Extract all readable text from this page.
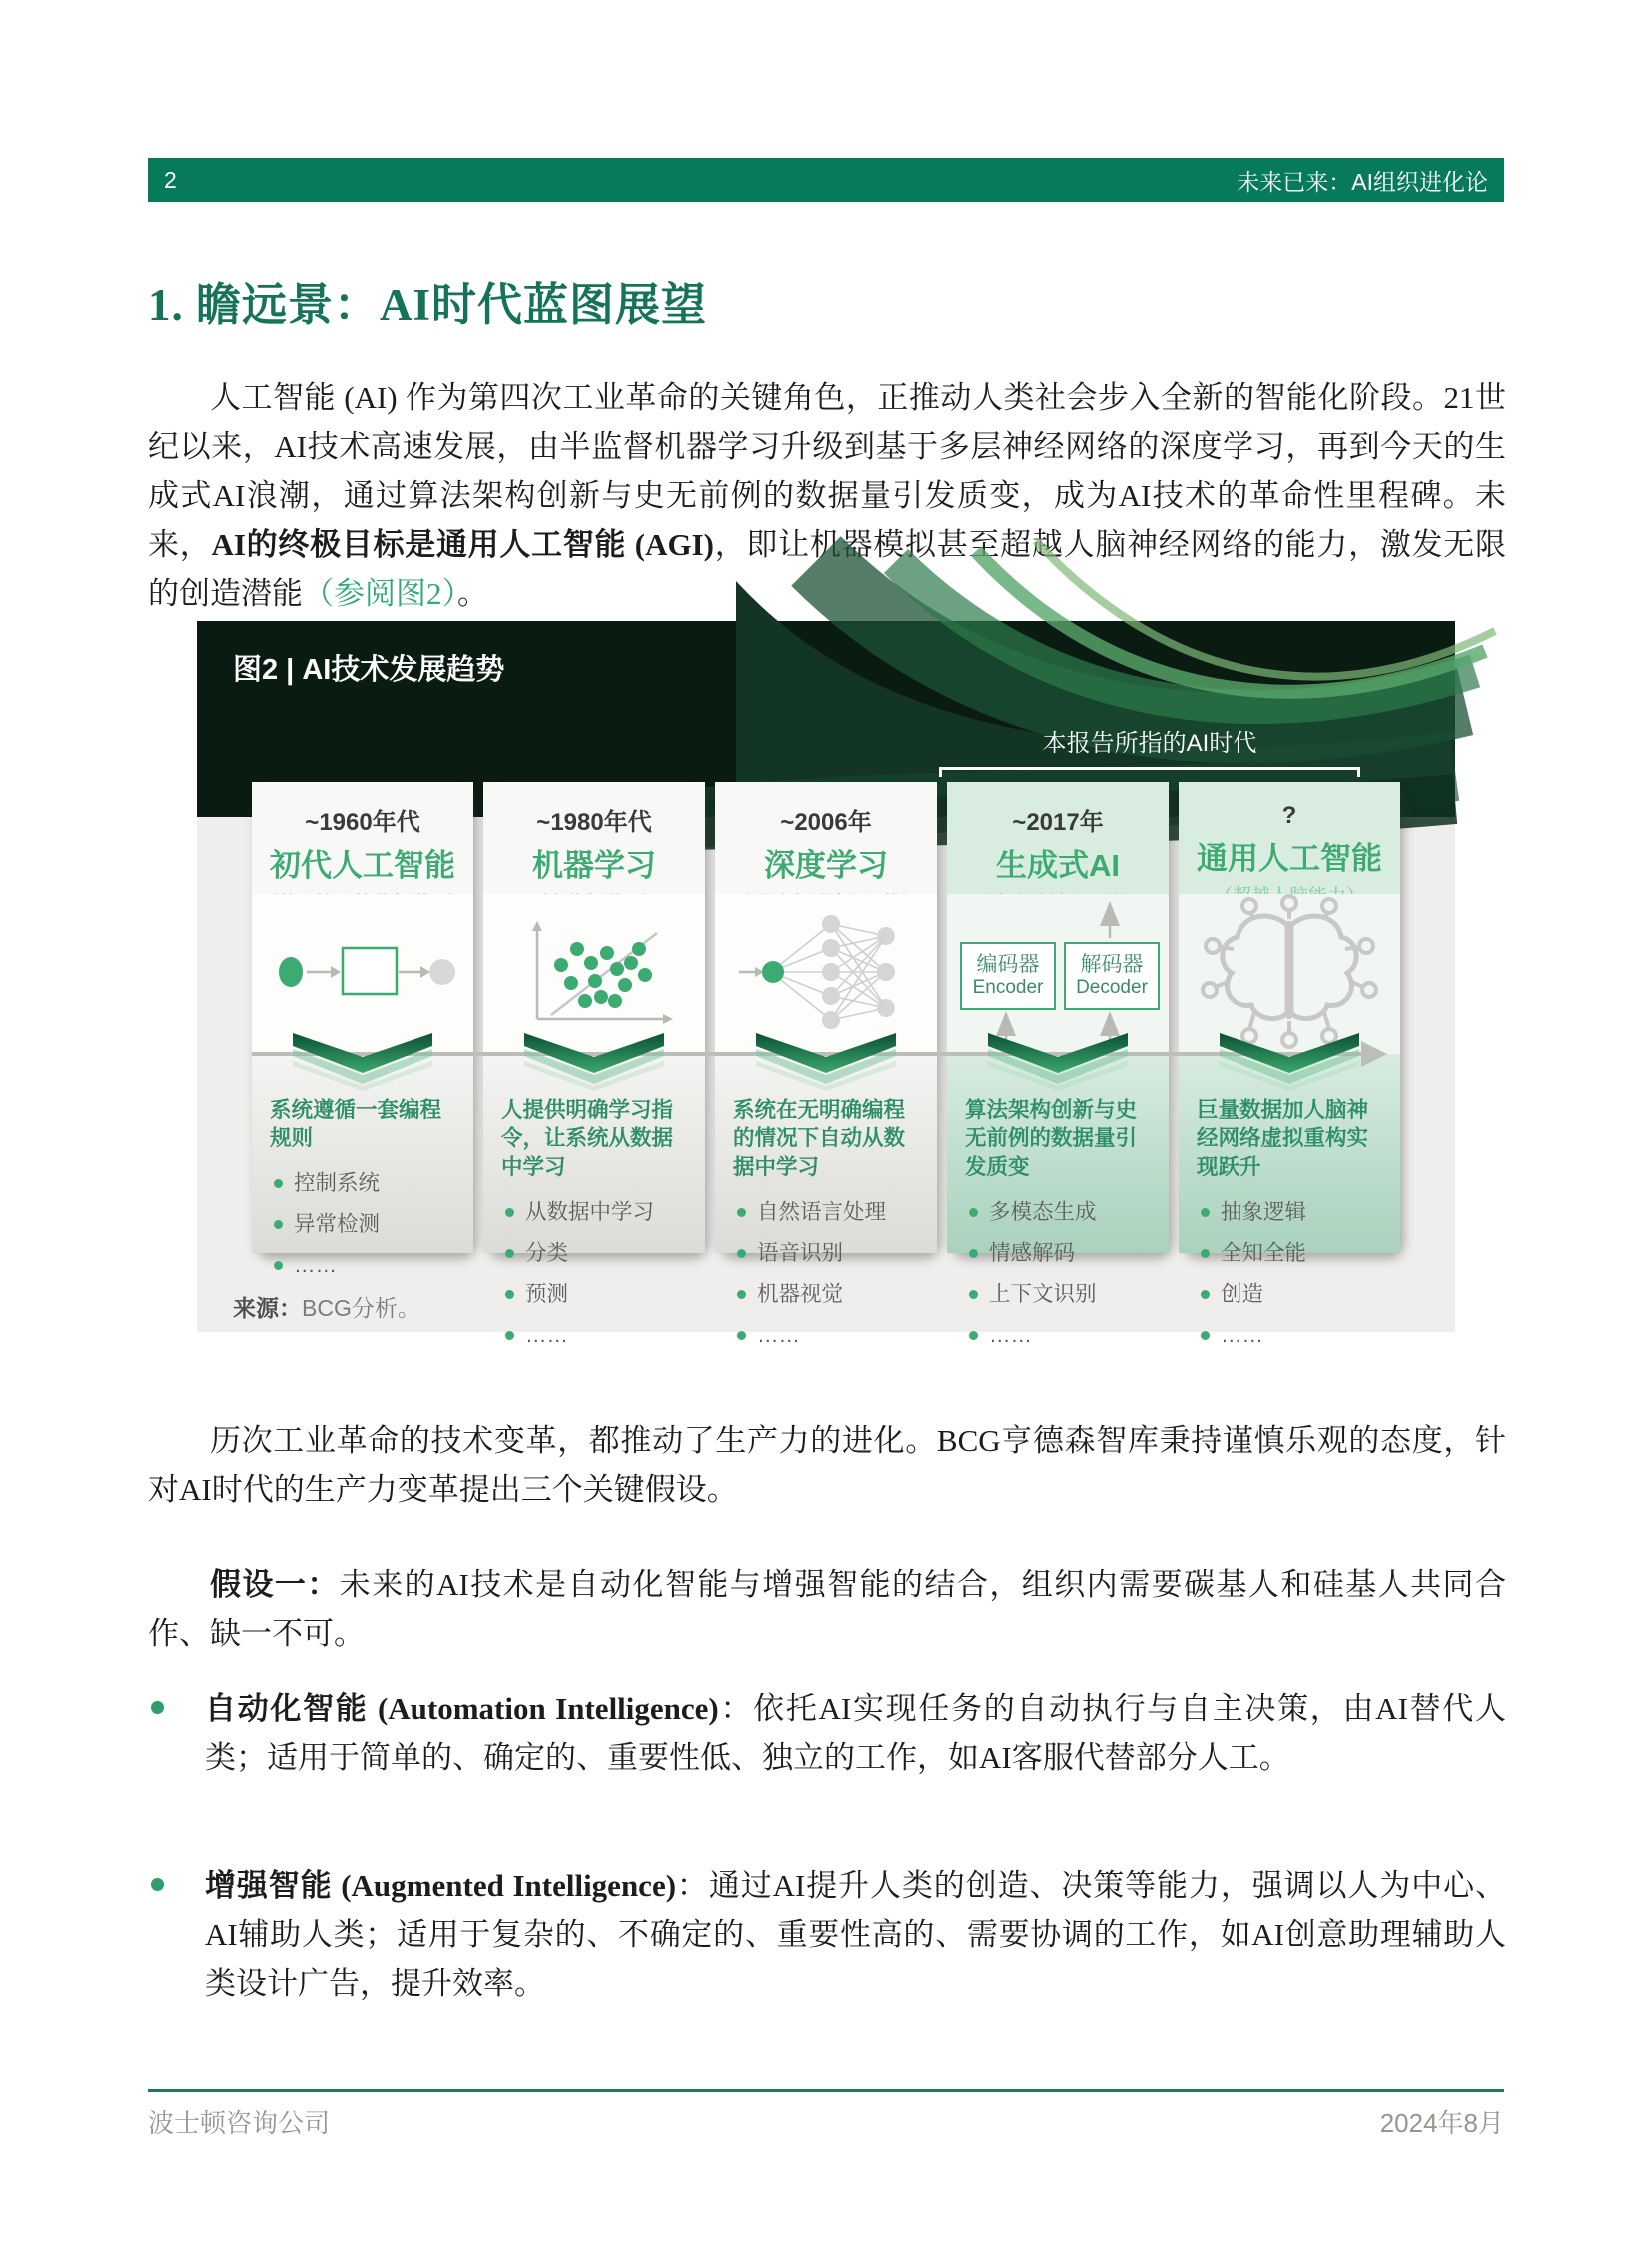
2	未来已来：AI组织进化论
1. 瞻远景：AI时代蓝图展望
人工智能 (AI) 作为第四次工业革命的关键角色，正推动人类社会步入全新的智能化阶段。21世纪以来，AI技术高速发展，由半监督机器学习升级到基于多层神经网络的深度学习，再到今天的生成式AI浪潮，通过算法架构创新与史无前例的数据量引发质变，成为AI技术的革命性里程碑。未来，AI的终极目标是通用人工智能 (AGI)，即让机器模拟甚至超越人脑神经网络的能力，激发无限的创造潜能（参阅图2）。
图2 | AI技术发展趋势
本报告所指的AI时代
~1960年代
初代人工智能
系统遵循一套编程规则
控制系统
异常检测
……
~1980年代
机器学习
人提供明确学习指令，让系统从数据中学习
从数据中学习
分类
预测
……
~2006年
深度学习
系统在无明确编程的情况下自动从数据中学习
自然语言处理
语音识别
机器视觉
……
~2017年
生成式AI
编码器
Encoder
解码器
Decoder
算法架构创新与史无前例的数据量引发质变
多模态生成
情感解码
上下文识别
……
?
通用人工智能
巨量数据加人脑神经网络虚拟重构实现跃升
抽象逻辑
全知全能
创造
……
来源：BCG分析。
历次工业革命的技术变革，都推动了生产力的进化。BCG亨德森智库秉持谨慎乐观的态度，针对AI时代的生产力变革提出三个关键假设。
假设一：未来的AI技术是自动化智能与增强智能的结合，组织内需要碳基人和硅基人共同合作、缺一不可。
自动化智能 (Automation Intelligence)：依托AI实现任务的自动执行与自主决策，由AI替代人类；适用于简单的、确定的、重要性低、独立的工作，如AI客服代替部分人工。
增强智能 (Augmented Intelligence)：通过AI提升人类的创造、决策等能力，强调以人为中心、AI辅助人类；适用于复杂的、不确定的、重要性高的、需要协调的工作，如AI创意助理辅助人类设计广告，提升效率。
波士顿咨询公司	2024年8月
